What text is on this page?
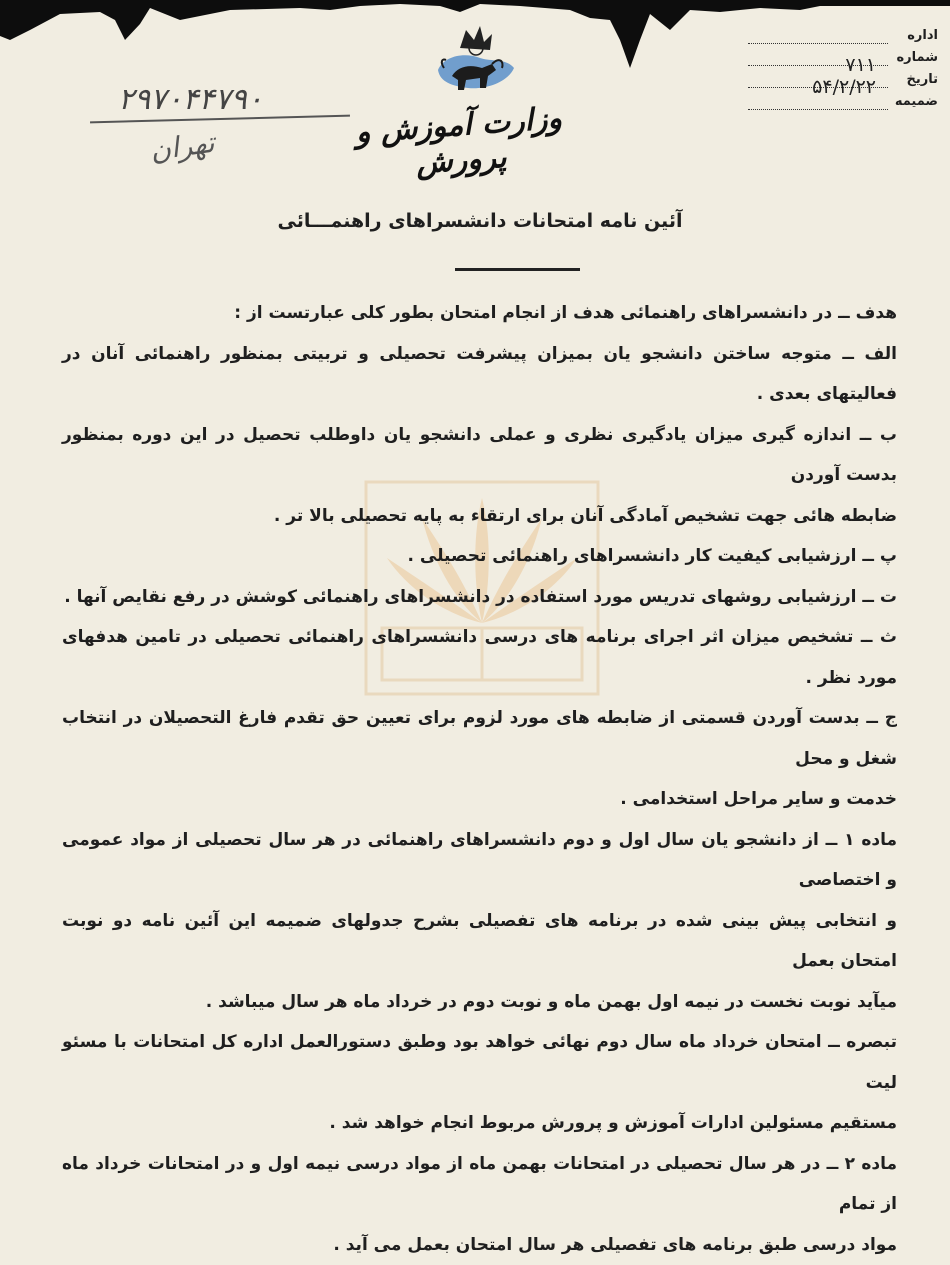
اداره
شماره
۷۱۱
تاریخ
۵۴/۲/۲۲
ضمیمه
وزارت آموزش و پرورش
۲۹۷۰۴۴۷۹۰
تهران
آئین نامه امتحانات دانشسراهای راهنمـــائی

هدف ــ در دانشسراهای راهنمائی هدف از انجام امتحان بطور کلی عبارتست از :
الف ــ متوجه ساختن دانشجو یان بمیزان پیشرفت تحصیلی و تربیتی بمنظور راهنمائی آنان در فعالیتهای بعدی .
ب ــ اندازه گیری میزان یادگیری نظری و عملی دانشجو یان داوطلب تحصیل در این دوره بمنظور بدست آوردن
ضابطه هائی جهت تشخیص آمادگی آنان برای ارتقاء به پایه تحصیلی بالا تر .
پ ــ ارزشیابی کیفیت کار دانشسراهای راهنمائی تحصیلی .
ت ــ ارزشیابی روشهای تدریس مورد استفاده در دانشسراهای راهنمائی کوشش در رفع نقایص آنها .
ث ــ تشخیص میزان اثر اجرای برنامه های درسی دانشسراهای راهنمائی تحصیلی در تامین هدفهای مورد نظر .
ج ــ بدست آوردن قسمتی از ضابطه های مورد لزوم برای تعیین حق تقدم فارغ التحصیلان در انتخاب شغل و محل
خدمت و سایر مراحل استخدامی .
ماده ۱ ــ از دانشجو یان سال اول و دوم دانشسراهای راهنمائی در هر سال تحصیلی از مواد عمومی و اختصاصی
و انتخابی پیش بینی شده در برنامه های تفصیلی بشرح جدولهای ضمیمه این آئین نامه دو نوبت امتحان بعمل
میآید نوبت نخست در نیمه اول بهمن ماه و نوبت دوم در خرداد ماه هر سال میباشد .
تبصره ــ امتحان خرداد ماه سال دوم نهائی خواهد بود وطبق دستورالعمل اداره کل امتحانات با مسئو لیت
مستقیم مسئولین ادارات آموزش و پرورش مربوط انجام خواهد شد .
ماده ۲ ــ در هر سال تحصیلی در امتحانات بهمن ماه از مواد درسی نیمه اول و در امتحانات خرداد ماه از تمام
مواد درسی طبق برنامه های تفصیلی هر سال امتحان بعمل می آید .
